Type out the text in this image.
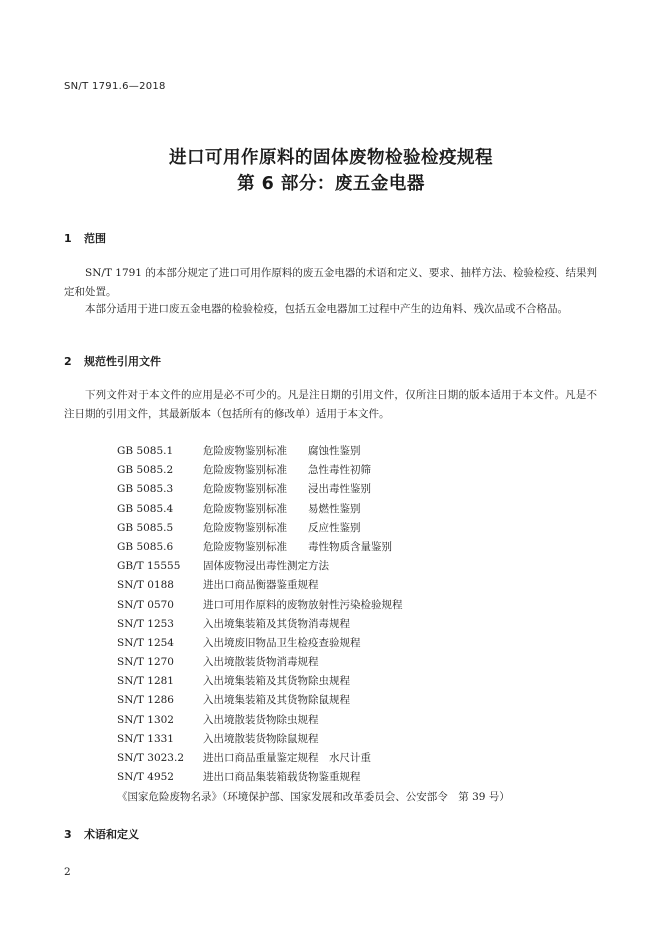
SN/T 1791.6—2018
进口可用作原料的固体废物检验检疫规程
第 6 部分：废五金电器
1 范围
SN/T 1791 的本部分规定了进口可用作原料的废五金电器的术语和定义、要求、抽样方法、检验检疫、结果判定和处置。
本部分适用于进口废五金电器的检验检疫，包括五金电器加工过程中产生的边角料、残次品或不合格品。
2 规范性引用文件
下列文件对于本文件的应用是必不可少的。凡是注日期的引用文件，仅所注日期的版本适用于本文件。凡是不注日期的引用文件，其最新版本（包括所有的修改单）适用于本文件。
GB 5085.1	危险废物鉴别标准　　腐蚀性鉴别
GB 5085.2	危险废物鉴别标准　　急性毒性初筛
GB 5085.3	危险废物鉴别标准　　浸出毒性鉴别
GB 5085.4	危险废物鉴别标准　　易燃性鉴别
GB 5085.5	危险废物鉴别标准　　反应性鉴别
GB 5085.6	危险废物鉴别标准　　毒性物质含量鉴别
GB/T 15555	固体废物浸出毒性测定方法
SN/T 0188	进出口商品衡器鉴重规程
SN/T 0570	进口可用作原料的废物放射性污染检验规程
SN/T 1253	入出境集装箱及其货物消毒规程
SN/T 1254	入出境废旧物品卫生检疫查验规程
SN/T 1270	入出境散装货物消毒规程
SN/T 1281	入出境集装箱及其货物除虫规程
SN/T 1286	入出境集装箱及其货物除鼠规程
SN/T 1302	入出境散装货物除虫规程
SN/T 1331	入出境散装货物除鼠规程
SN/T 3023.2	进出口商品重量鉴定规程　水尺计重
SN/T 4952	进出口商品集装箱载货物鉴重规程
《国家危险废物名录》（环境保护部、国家发展和改革委员会、公安部令　第 39 号）
3 术语和定义
2
